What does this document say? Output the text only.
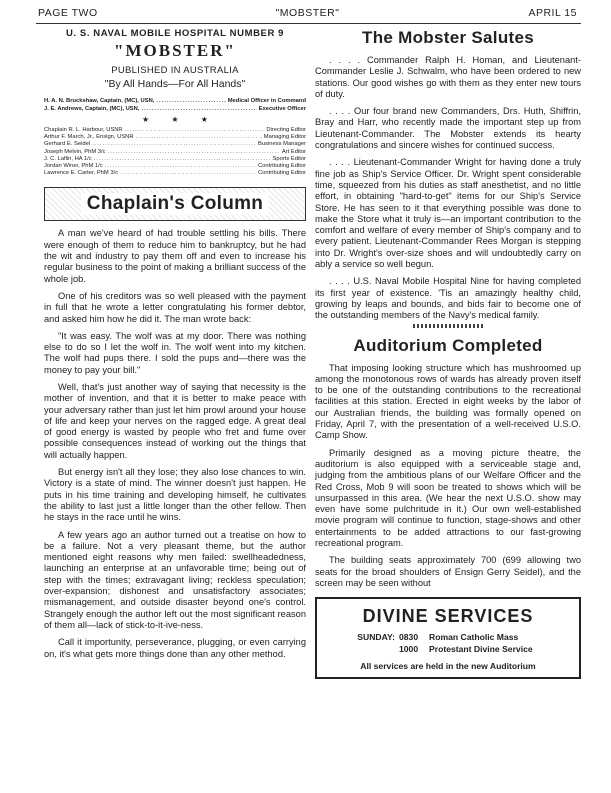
PAGE TWO	"MOBSTER"	APRIL 15
U. S. NAVAL MOBILE HOSPITAL NUMBER 9
"MOBSTER"
PUBLISHED IN AUSTRALIA
"By All Hands—For All Hands"
H. A. N. Bruckshaw, Captain, (MC), USN, .....	Medical Officer in Command
J. E. Andrews, Captain, (MC), USN, .....	Executive Officer
★ ★ ★
Chaplain R. L. Harbour, USNR .....	Directing Editor
Arthur F. March, Jr., Ensign, USNR .....	Managing Editor
Gerhard E. Seidel .....	Business Manager
Joseph Melvin, PhM 3/c .....	Art Editor
J. C. Laflin, HA 1/c .....	Sports Editor
Jordan Winer, PhM 1/c .....	Contributing Editor
Lawrence E. Carter, PhM 3/c .....	Contributing Editor
Chaplain's Column

A man we've heard of had trouble settling his bills. There were enough of them to reduce him to bankruptcy, but he had the wit and industry to pay them off and even to increase his regular business to the point of making a brilliant success of the whole job.

One of his creditors was so well pleased with the payment in full that he wrote a letter congratulating his former debtor, and asked him how he did it. The man wrote back:

"It was easy. The wolf was at my door. There was nothing else to do so I let the wolf in. The wolf went into my kitchen. The wolf had pups there. I sold the pups and—there was the money to pay your bill."

Well, that's just another way of saying that necessity is the mother of invention, and that it is better to make peace with your adversary rather than just let him prowl around your house of life and keep your nerves on the ragged edge. A great deal of good energy is wasted by people who fret and fume over possible consequences instead of working out the things that will actually happen.

But energy isn't all they lose; they also lose chances to win. Victory is a state of mind. The winner doesn't just happen. He puts in his time training and developing himself, he cultivates the ability to last just a little longer than the other fellow. Then he stays in the race until he wins.

A few years ago an author turned out a treatise on how to be a failure. Not a very pleasant theme, but the author mentioned eight reasons why men failed: swellheadedness, launching an enterprise at an unfavorable time; being out of step with the times; extravagant living; reckless speculation; over-expansion; dishonest and unsatisfactory associates; mismanagement, and outside disaster beyond one's control. Strangely enough the author left out the most significant reason of them all—lack of stick-to-it-ive-ness.

Call it importunity, perseverance, plugging, or even carrying on, it's what gets more things done than any other method.

The Mobster Salutes

. . . . Commander Ralph H. Homan, and Lieutenant-Commander Leslie J. Schwalm, who have been ordered to new stations. Our good wishes go with them as they enter new tours of duty.

. . . . Our four brand new Commanders, Drs. Huth, Shiffrin, Bray and Harr, who recently made the important step up from Lieutenant-Commander. The Mobster extends its hearty congratulations and sincere wishes for continued success.

. . . . Lieutenant-Commander Wright for having done a truly fine job as Ship's Service Officer. Dr. Wright spent considerable time, squeezed from his duties as staff anesthetist, and no little effort, in obtaining "hard-to-get" items for our Ship's Service Store. He has seen to it that everything possible was done to make the Store what it truly is—an important contribution to the comfort and welfare of every member of Ship's company and to every patient. Lieutenant-Commander Rees Morgan is stepping into Dr. Wright's over-size shoes and will undoubtedly carry on ably a service so well begun.

. . . . U.S. Naval Mobile Hospital Nine for having completed its first year of existence. 'Tis an amazingly healthy child, growing by leaps and bounds, and bids fair to become one of the outstanding members of the Navy's medical family.

Auditorium Completed

That imposing looking structure which has mushroomed up among the monotonous rows of wards has already proven itself to be one of the outstanding contributions to the recreational facilities at this station. Erected in eight weeks by the labor of our Australian friends, the building was formally opened on Friday, April 7, with the presentation of a well-received U.S.O. Camp Show.

Primarily designed as a moving picture theatre, the auditorium is also equipped with a serviceable stage and, judging from the ambitious plans of our Welfare Officer and the Red Cross, Mob 9 will soon be treated to shows which will be unsurpassed in this area. (We hear the next U.S.O. show may even have some pulchritude in it.) Our own well-established movie program will continue to function, stage-shows and other entertainments to be added attractions to our fast-growing recreational program.

The building seats approximately 700 (699 allowing two seats for the broad shoulders of Ensign Gerry Seidel), and the screen may be seen without

DIVINE SERVICES
SUNDAY: 0830	Roman Catholic Mass
1000	Protestant Divine Service
All services are held in the new Auditorium
